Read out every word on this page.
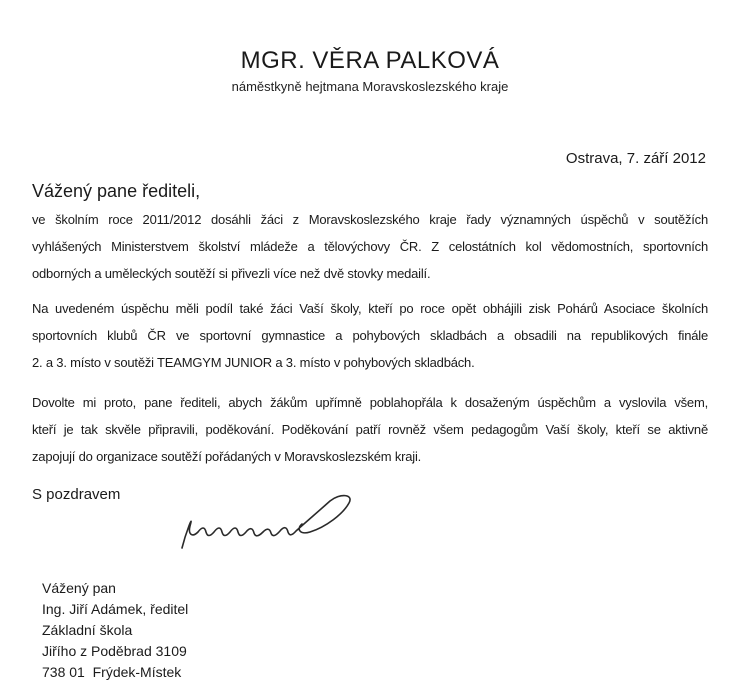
MGR. VĚRA PALKOVÁ
náměstkyně hejtmana Moravskoslezského kraje
Ostrava, 7. září 2012
Vážený pane řediteli,
ve školním roce 2011/2012 dosáhli žáci z Moravskoslezského kraje řady významných úspěchů v soutěžích
vyhlášených Ministerstvem školství mládeže a tělovýchovy ČR. Z celostátních kol vědomostních, sportovních
odborných a uměleckých soutěží si přivezli více než dvě stovky medailí.
Na uvedeném úspěchu měli podíl také žáci Vaší školy, kteří po roce opět obhájili zisk Pohárů Asociace školních
sportovních klubů ČR ve sportovní gymnastice a pohybových skladbách a obsadili na republikových finále
2. a 3. místo v soutěži TEAMGYM JUNIOR a 3. místo v pohybových skladbách.
Dovolte mi proto, pane řediteli, abych žákům upřímně poblahopřála k dosaženým úspěchům a vyslovila všem,
kteří je tak skvěle připravili, poděkování. Poděkování patří rovněž všem pedagogům Vaší školy, kteří se aktivně
zapojují do organizace soutěží pořádaných v Moravskoslezském kraji.
S pozdravem
Vážený pan
Ing. Jiří Adámek, ředitel
Základní škola
Jiřího z Poděbrad 3109
738 01  Frýdek-Místek
